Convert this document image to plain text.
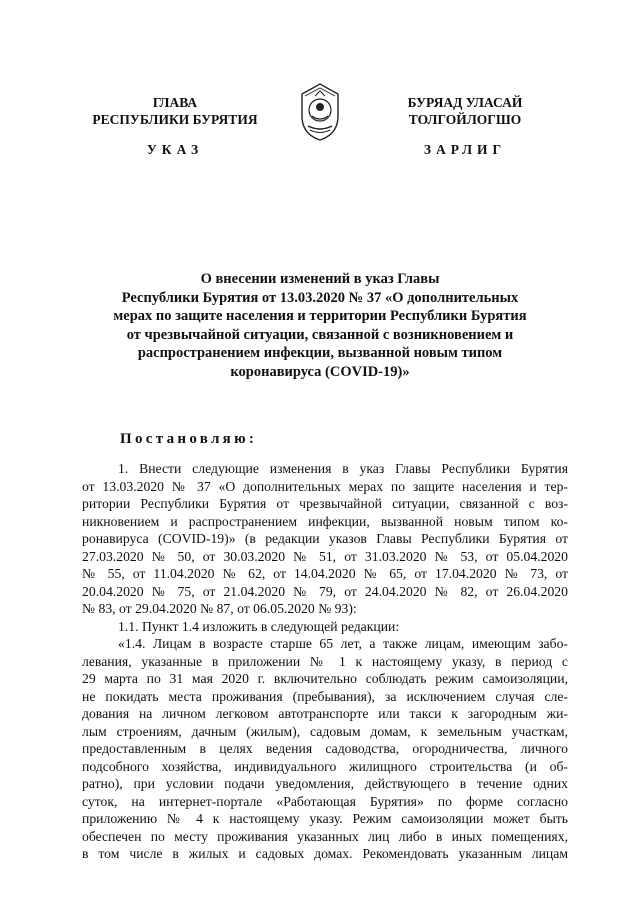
ГЛАВА
РЕСПУБЛИКИ БУРЯТИЯ
УКАЗ
БУРЯАД УЛАСАЙ
ТОЛГОЙЛОГШО
ЗАРЛИГ
О внесении изменений в указ Главы
Республики Бурятия от 13.03.2020 № 37 «О дополнительных
мерах по защите населения и территории Республики Бурятия
от чрезвычайной ситуации, связанной с возникновением и
распространением инфекции, вызванной новым типом
коронавируса (COVID-19)»
Постановляю:
1. Внести следующие изменения в указ Главы Республики Бурятия
от 13.03.2020 № 37 «О дополнительных мерах по защите населения и тер-
ритории Республики Бурятия от чрезвычайной ситуации, связанной с воз-
никновением и распространением инфекции, вызванной новым типом ко-
ронавируса (COVID-19)» (в редакции указов Главы Республики Бурятия от
27.03.2020 № 50, от 30.03.2020 № 51, от 31.03.2020 № 53, от 05.04.2020
№ 55, от 11.04.2020 № 62, от 14.04.2020 № 65, от 17.04.2020 № 73, от
20.04.2020 № 75, от 21.04.2020 № 79, от 24.04.2020 № 82, от 26.04.2020
№ 83, от 29.04.2020 № 87, от 06.05.2020 № 93):
1.1. Пункт 1.4 изложить в следующей редакции:
«1.4. Лицам в возрасте старше 65 лет, а также лицам, имеющим забо-
левания, указанные в приложении № 1 к настоящему указу, в период с
29 марта по 31 мая 2020 г. включительно соблюдать режим самоизоляции,
не покидать места проживания (пребывания), за исключением случая сле-
дования на личном легковом автотранспорте или такси к загородным жи-
лым строениям, дачным (жилым), садовым домам, к земельным участкам,
предоставленным в целях ведения садоводства, огородничества, личного
подсобного хозяйства, индивидуального жилищного строительства (и об-
ратно), при условии подачи уведомления, действующего в течение одних
суток, на интернет-портале «Работающая Бурятия» по форме согласно
приложению № 4 к настоящему указу. Режим самоизоляции может быть
обеспечен по месту проживания указанных лиц либо в иных помещениях,
в том числе в жилых и садовых домах. Рекомендовать указанным лицам
